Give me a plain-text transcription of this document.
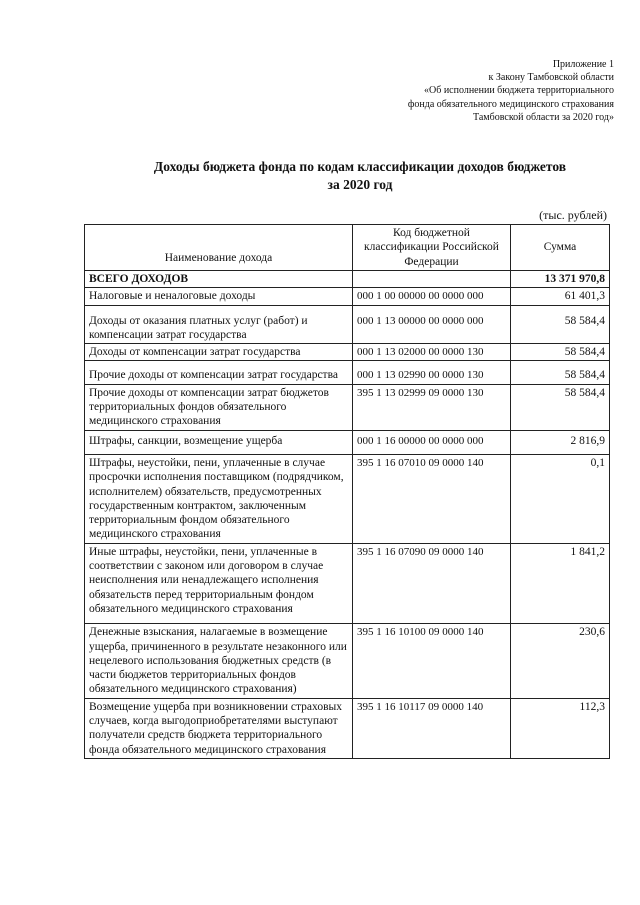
Приложение 1
к Закону Тамбовской области
«Об исполнении бюджета территориального
фонда обязательного медицинского страхования
Тамбовской области за 2020 год»
Доходы бюджета фонда по кодам классификации доходов бюджетов
за 2020 год
(тыс. рублей)
Наименование дохода	Код бюджетной классификации Российской Федерации	Сумма
ВСЕГО ДОХОДОВ		13 371 970,8
Налоговые и неналоговые доходы	000 1 00 00000 00 0000 000	61 401,3
Доходы от оказания платных услуг (работ) и компенсации затрат государства	000 1 13 00000 00 0000 000	58 584,4
Доходы от компенсации затрат государства	000 1 13 02000 00 0000 130	58 584,4
Прочие доходы от компенсации затрат государства	000 1 13 02990 00 0000 130	58 584,4
Прочие доходы от компенсации затрат бюджетов территориальных фондов обязательного медицинского страхования	395 1 13 02999 09 0000 130	58 584,4
Штрафы, санкции, возмещение ущерба	000 1 16 00000 00 0000 000	2 816,9
Штрафы, неустойки, пени, уплаченные в случае просрочки исполнения поставщиком (подрядчиком, исполнителем) обязательств, предусмотренных государственным контрактом, заключенным территориальным фондом обязательного медицинского страхования	395 1 16 07010 09 0000 140	0,1
Иные штрафы, неустойки, пени, уплаченные в соответствии с законом или договором в случае неисполнения или ненадлежащего исполнения обязательств перед территориальным фондом обязательного медицинского страхования	395 1 16 07090 09 0000 140	1 841,2
Денежные взыскания, налагаемые в возмещение ущерба, причиненного в результате незаконного или нецелевого использования бюджетных средств (в части бюджетов территориальных фондов обязательного медицинского страхования)	395 1 16 10100 09 0000 140	230,6
Возмещение ущерба при возникновении страховых случаев, когда выгодоприобретателями выступают получатели средств бюджета территориального фонда обязательного медицинского страхования	395 1 16 10117 09 0000 140	112,3
